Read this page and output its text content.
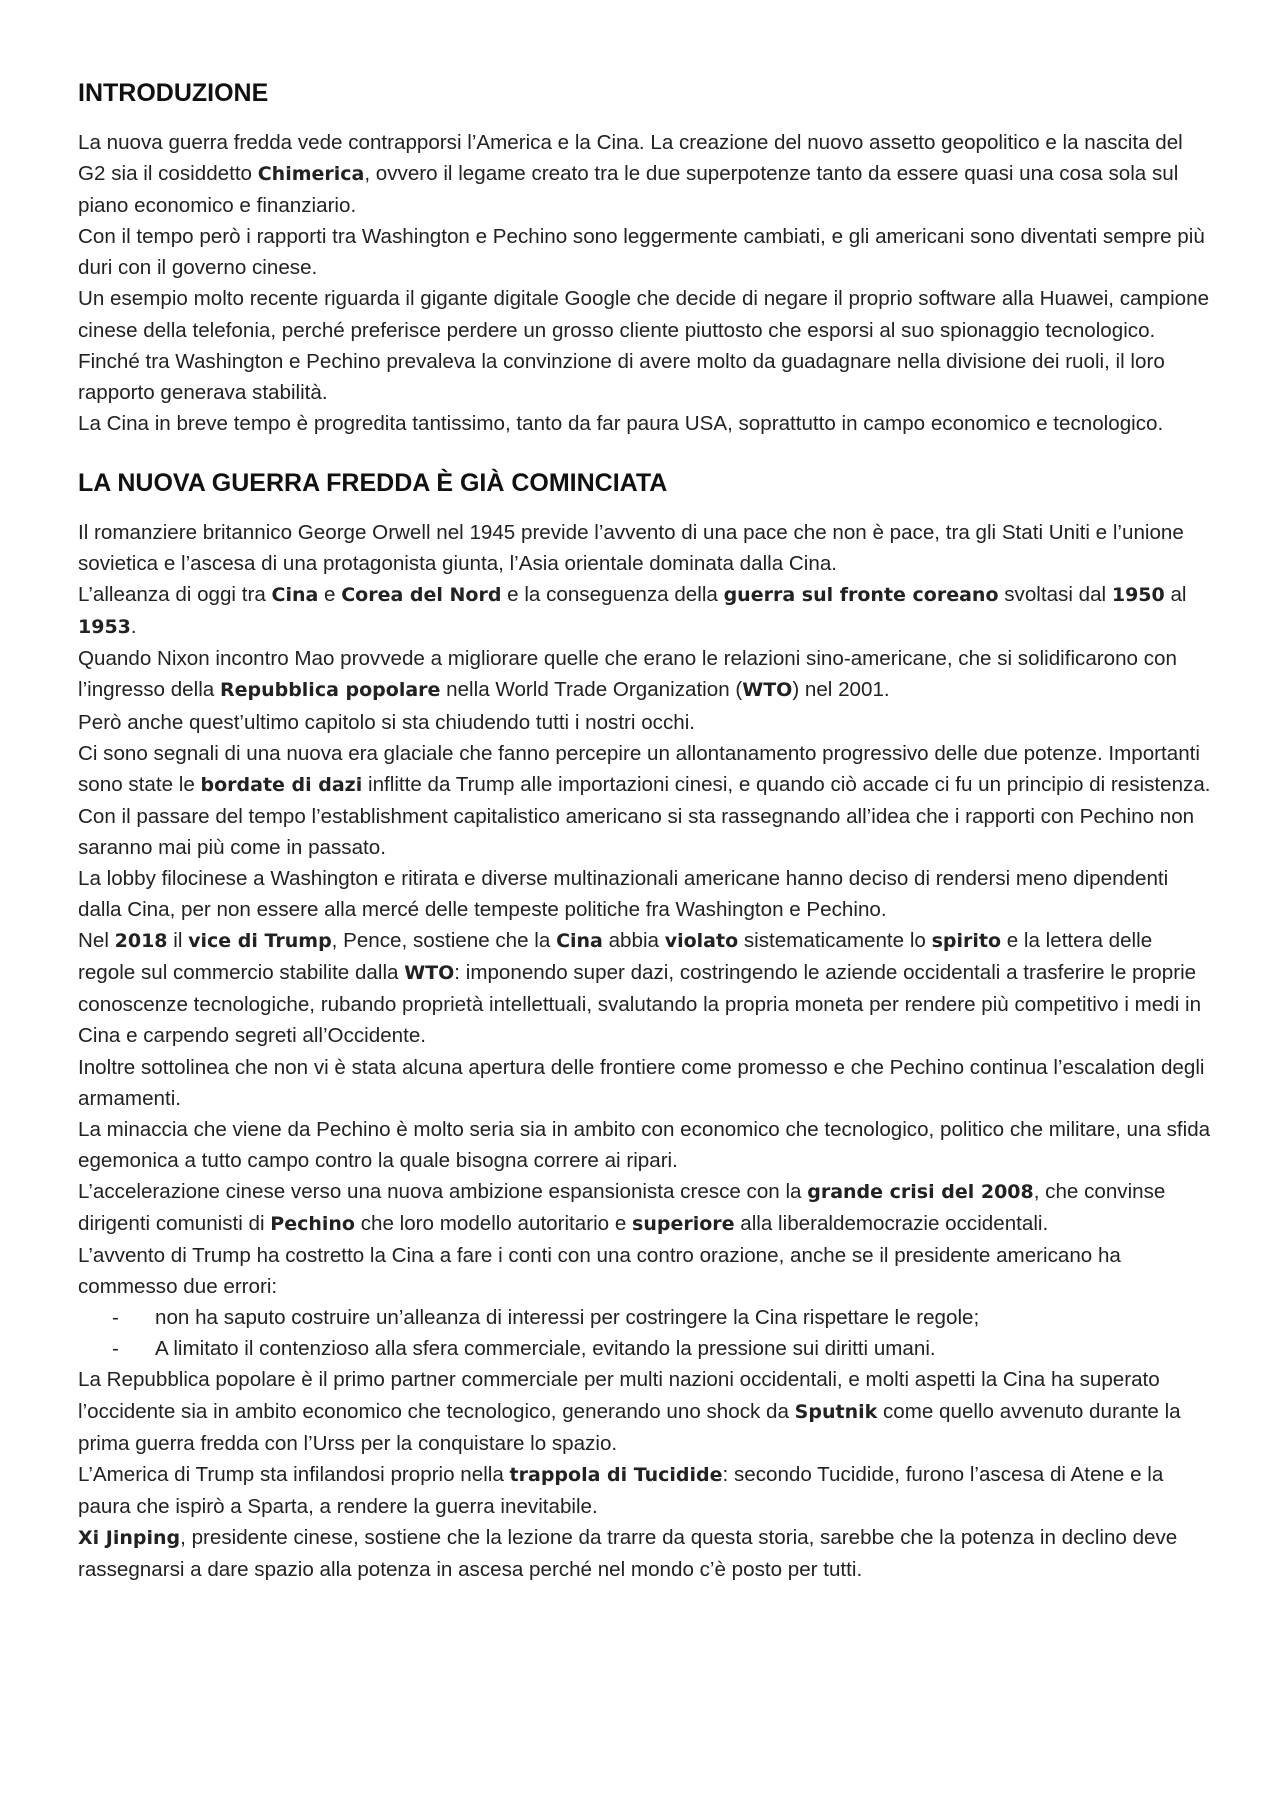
INTRODUZIONE

La nuova guerra fredda vede contrapporsi l’America e la Cina. La creazione del nuovo assetto geopolitico e la nascita del G2 sia il cosiddetto Chimerica, ovvero il legame creato tra le due superpotenze tanto da essere quasi una cosa sola sul piano economico e finanziario.

Con il tempo però i rapporti tra Washington e Pechino sono leggermente cambiati, e gli americani sono diventati sempre più duri con il governo cinese.

Un esempio molto recente riguarda il gigante digitale Google che decide di negare il proprio software alla Huawei, campione cinese della telefonia, perché preferisce perdere un grosso cliente piuttosto che esporsi al suo spionaggio tecnologico.

Finché tra Washington e Pechino prevaleva la convinzione di avere molto da guadagnare nella divisione dei ruoli, il loro rapporto generava stabilità.

La Cina in breve tempo è progredita tantissimo, tanto da far paura USA, soprattutto in campo economico e tecnologico.

LA NUOVA GUERRA FREDDA È GIÀ COMINCIATA

Il romanziere britannico George Orwell nel 1945 previde l’avvento di una pace che non è pace, tra gli Stati Uniti e l’unione sovietica e l’ascesa di una protagonista giunta, l’Asia orientale dominata dalla Cina.

L’alleanza di oggi tra Cina e Corea del Nord e la conseguenza della guerra sul fronte coreano svoltasi dal 1950 al 1953.

Quando Nixon incontro Mao provvede a migliorare quelle che erano le relazioni sino-americane, che si solidificarono con l’ingresso della Repubblica popolare nella World Trade Organization (WTO) nel 2001.

Però anche quest’ultimo capitolo si sta chiudendo tutti i nostri occhi.

Ci sono segnali di una nuova era glaciale che fanno percepire un allontanamento progressivo delle due potenze. Importanti sono state le bordate di dazi inflitte da Trump alle importazioni cinesi, e quando ciò accade ci fu un principio di resistenza.

Con il passare del tempo l’establishment capitalistico americano si sta rassegnando all’idea che i rapporti con Pechino non saranno mai più come in passato.

La lobby filocinese a Washington e ritirata e diverse multinazionali americane hanno deciso di rendersi meno dipendenti dalla Cina, per non essere alla mercé delle tempeste politiche fra Washington e Pechino.

Nel 2018 il vice di Trump, Pence, sostiene che la Cina abbia violato sistematicamente lo spirito e la lettera delle regole sul commercio stabilite dalla WTO: imponendo super dazi, costringendo le aziende occidentali a trasferire le proprie conoscenze tecnologiche, rubando proprietà intellettuali, svalutando la propria moneta per rendere più competitivo i medi in Cina e carpendo segreti all’Occidente.

Inoltre sottolinea che non vi è stata alcuna apertura delle frontiere come promesso e che Pechino continua l’escalation degli armamenti.

La minaccia che viene da Pechino è molto seria sia in ambito con economico che tecnologico, politico che militare, una sfida egemonica a tutto campo contro la quale bisogna correre ai ripari.

L’accelerazione cinese verso una nuova ambizione espansionista cresce con la grande crisi del 2008, che convinse dirigenti comunisti di Pechino che loro modello autoritario e superiore alla liberaldemocrazie occidentali.

L’avvento di Trump ha costretto la Cina a fare i conti con una contro orazione, anche se il presidente americano ha commesso due errori:

- non ha saputo costruire un’alleanza di interessi per costringere la Cina rispettare le regole;
- A limitato il contenzioso alla sfera commerciale, evitando la pressione sui diritti umani.

La Repubblica popolare è il primo partner commerciale per multi nazioni occidentali, e molti aspetti la Cina ha superato l’occidente sia in ambito economico che tecnologico, generando uno shock da Sputnik come quello avvenuto durante la prima guerra fredda con l’Urss per la conquistare lo spazio.

L’America di Trump sta infilandosi proprio nella trappola di Tucidide: secondo Tucidide, furono l’ascesa di Atene e la paura che ispirò a Sparta, a rendere la guerra inevitabile.

Xi Jinping, presidente cinese, sostiene che la lezione da trarre da questa storia, sarebbe che la potenza in declino deve rassegnarsi a dare spazio alla potenza in ascesa perché nel mondo c’è posto per tutti.
